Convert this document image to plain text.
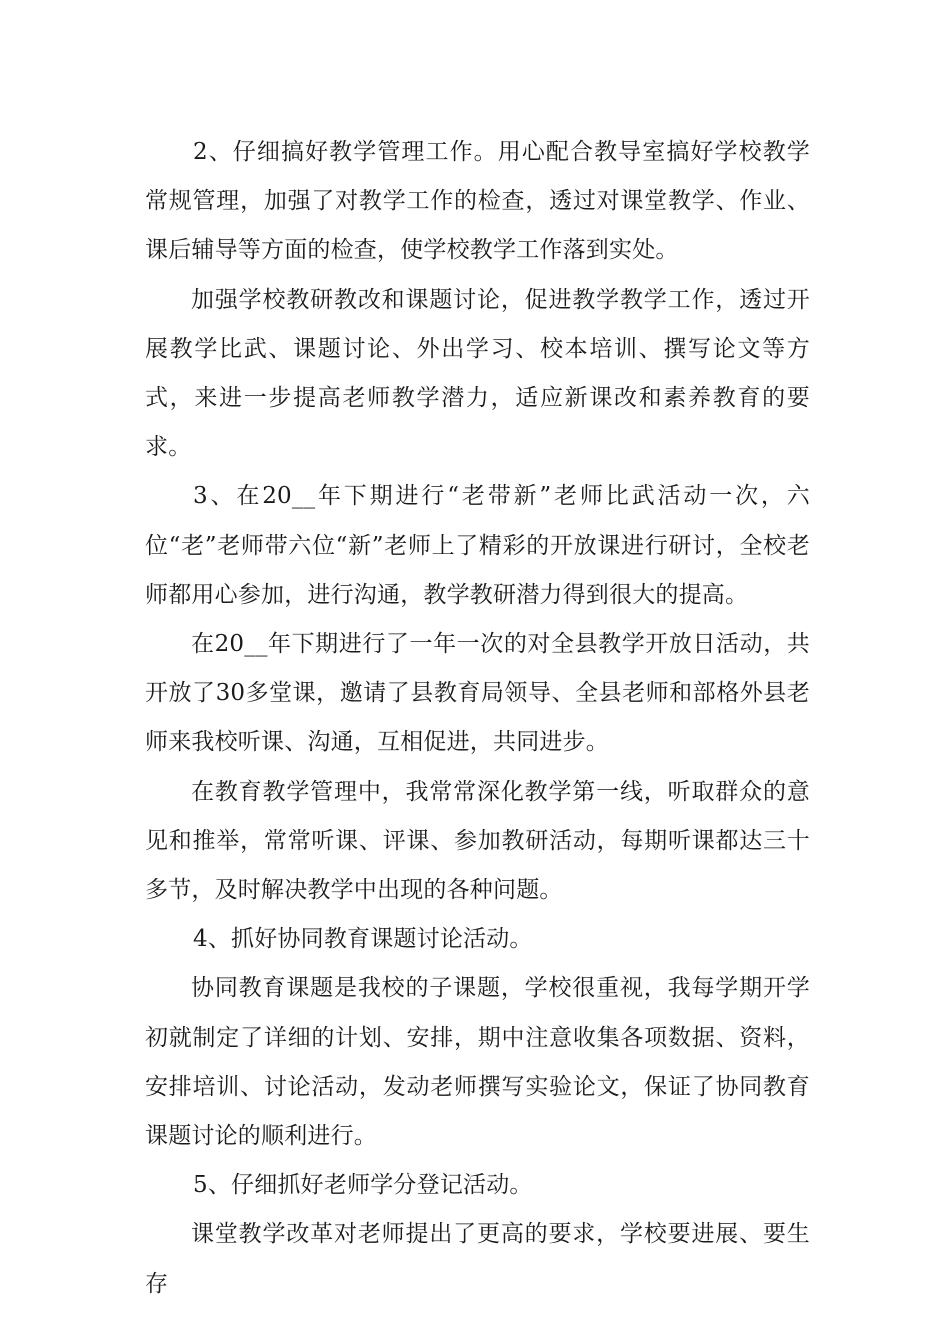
2、仔细搞好教学管理工作。用心配合教导室搞好学校教学常规管理，加强了对教学工作的检查，透过对课堂教学、作业、课后辅导等方面的检查，使学校教学工作落到实处。

加强学校教研教改和课题讨论，促进教学教学工作，透过开展教学比武、课题讨论、外出学习、校本培训、撰写论文等方式，来进一步提高老师教学潜力，适应新课改和素养教育的要求。

3、在20__年下期进行“老带新”老师比武活动一次，六位“老”老师带六位“新”老师上了精彩的开放课进行研讨，全校老师都用心参加，进行沟通，教学教研潜力得到很大的提高。

在20__年下期进行了一年一次的对全县教学开放日活动，共开放了30多堂课，邀请了县教育局领导、全县老师和部格外县老师来我校听课、沟通，互相促进，共同进步。

在教育教学管理中，我常常深化教学第一线，听取群众的意见和推举，常常听课、评课、参加教研活动，每期听课都达三十多节，及时解决教学中出现的各种问题。

4、抓好协同教育课题讨论活动。

协同教育课题是我校的子课题，学校很重视，我每学期开学初就制定了详细的计划、安排，期中注意收集各项数据、资料，安排培训、讨论活动，发动老师撰写实验论文，保证了协同教育课题讨论的顺利进行。

5、仔细抓好老师学分登记活动。

课堂教学改革对老师提出了更高的要求，学校要进展、要生存
